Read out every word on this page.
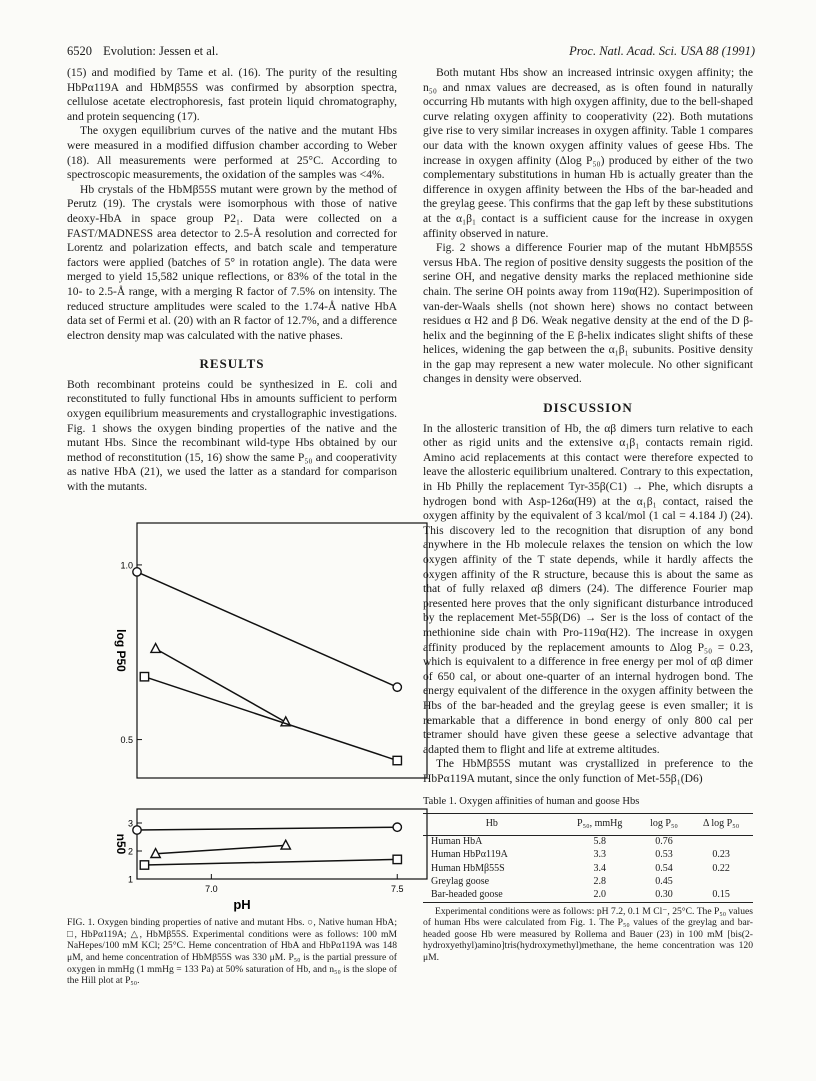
6520 Evolution: Jessen et al.	Proc. Natl. Acad. Sci. USA 88 (1991)

(15) and modified by Tame et al. (16). The purity of the resulting HbPα119A and HbMβ55S was confirmed by absorption spectra, cellulose acetate electrophoresis, fast protein liquid chromatography, and protein sequencing (17).

The oxygen equilibrium curves of the native and the mutant Hbs were measured in a modified diffusion chamber according to Weber (18). All measurements were performed at 25°C. According to spectroscopic measurements, the oxidation of the samples was <4%.

Hb crystals of the HbMβ55S mutant were grown by the method of Perutz (19). The crystals were isomorphous with those of native deoxy-HbA in space group P2₁. Data were collected on a FAST/MADNESS area detector to 2.5-Å resolution and corrected for Lorentz and polarization effects, and batch scale and temperature factors were applied (batches of 5° in rotation angle). The data were merged to yield 15,582 unique reflections, or 83% of the total in the 10- to 2.5-Å range, with a merging R factor of 7.5% on intensity. The reduced structure amplitudes were scaled to the 1.74-Å native HbA data set of Fermi et al. (20) with an R factor of 12.7%, and a difference electron density map was calculated with the native phases.

RESULTS

Both recombinant proteins could be synthesized in E. coli and reconstituted to fully functional Hbs in amounts sufficient to perform oxygen equilibrium measurements and crystallographic investigations. Fig. 1 shows the oxygen binding properties of the native and the mutant Hbs. Since the recombinant wild-type Hbs obtained by our method of reconstitution (15, 16) show the same P₅₀ and cooperativity as native HbA (21), we used the latter as a standard for comparison with the mutants.

0.5
1.0
log P50
1
2
3
7.0	7.5
n50
pH
FIG. 1. Oxygen binding properties of native and mutant Hbs. ○, Native human HbA; □, HbPα119A; △, HbMβ55S. Experimental conditions were as follows: 100 mM NaHepes/100 mM KCl; 25°C. Heme concentration of HbA and HbPα119A was 148 μM, and heme concentration of HbMβ55S was 330 μM. P₅₀ is the partial pressure of oxygen in mmHg (1 mmHg = 133 Pa) at 50% saturation of Hb, and n₅₀ is the slope of the Hill plot at P₅₀.

Both mutant Hbs show an increased intrinsic oxygen affinity; the n₅₀ and nmax values are decreased, as is often found in naturally occurring Hb mutants with high oxygen affinity, due to the bell-shaped curve relating oxygen affinity to cooperativity (22). Both mutations give rise to very similar increases in oxygen affinity. Table 1 compares our data with the known oxygen affinity values of geese Hbs. The increase in oxygen affinity (Δlog P₅₀) produced by either of the two complementary substitutions in human Hb is actually greater than the difference in oxygen affinity between the Hbs of the bar-headed and the greylag geese. This confirms that the gap left by these substitutions at the α₁β₁ contact is a sufficient cause for the increase in oxygen affinity observed in nature.

Fig. 2 shows a difference Fourier map of the mutant HbMβ55S versus HbA. The region of positive density suggests the position of the serine OH, and negative density marks the replaced methionine side chain. The serine OH points away from 119α(H2). Superimposition of van-der-Waals shells (not shown here) shows no contact between residues α H2 and β D6. Weak negative density at the end of the D β-helix and the beginning of the E β-helix indicates slight shifts of these helices, widening the gap between the α₁β₁ subunits. Positive density in the gap may represent a new water molecule. No other significant changes in density were observed.

DISCUSSION

In the allosteric transition of Hb, the αβ dimers turn relative to each other as rigid units and the extensive α₁β₁ contacts remain rigid. Amino acid replacements at this contact were therefore expected to leave the allosteric equilibrium unaltered. Contrary to this expectation, in Hb Philly the replacement Tyr-35β(C1) → Phe, which disrupts a hydrogen bond with Asp-126α(H9) at the α₁β₁ contact, raised the oxygen affinity by the equivalent of 3 kcal/mol (1 cal = 4.184 J) (24). This discovery led to the recognition that disruption of any bond anywhere in the Hb molecule relaxes the tension on which the low oxygen affinity of the T state depends, while it hardly affects the oxygen affinity of the R structure, because this is about the same as that of fully relaxed αβ dimers (24). The difference Fourier map presented here proves that the only significant disturbance introduced by the replacement Met-55β(D6) → Ser is the loss of contact of the methionine side chain with Pro-119α(H2). The increase in oxygen affinity produced by the replacement amounts to Δlog P₅₀ = 0.23, which is equivalent to a difference in free energy per mol of αβ dimer of 650 cal, or about one-quarter of an internal hydrogen bond. The energy equivalent of the difference in the oxygen affinity between the Hbs of the bar-headed and the greylag geese is even smaller; it is remarkable that a difference in bond energy of only 800 cal per tetramer should have given these geese a selective advantage that adapted them to flight and life at extreme altitudes.

The HbMβ55S mutant was crystallized in preference to the HbPα119A mutant, since the only function of Met-55β₁(D6)

Table 1. Oxygen affinities of human and goose Hbs
Hb	P₅₀, mmHg	log P₅₀	Δ log P₅₀
Human HbA	5.8	0.76	
Human HbPα119A	3.3	0.53	0.23
Human HbMβ55S	3.4	0.54	0.22
Greylag goose	2.8	0.45	
Bar-headed goose	2.0	0.30	0.15
Experimental conditions were as follows: pH 7.2, 0.1 M Cl⁻, 25°C. The P₅₀ values of human Hbs were calculated from Fig. 1. The P₅₀ values of the greylag and bar-headed goose Hb were measured by Rollema and Bauer (23) in 100 mM [bis(2-hydroxyethyl)amino]tris(hydroxymethyl)methane, the heme concentration was 120 μM.
